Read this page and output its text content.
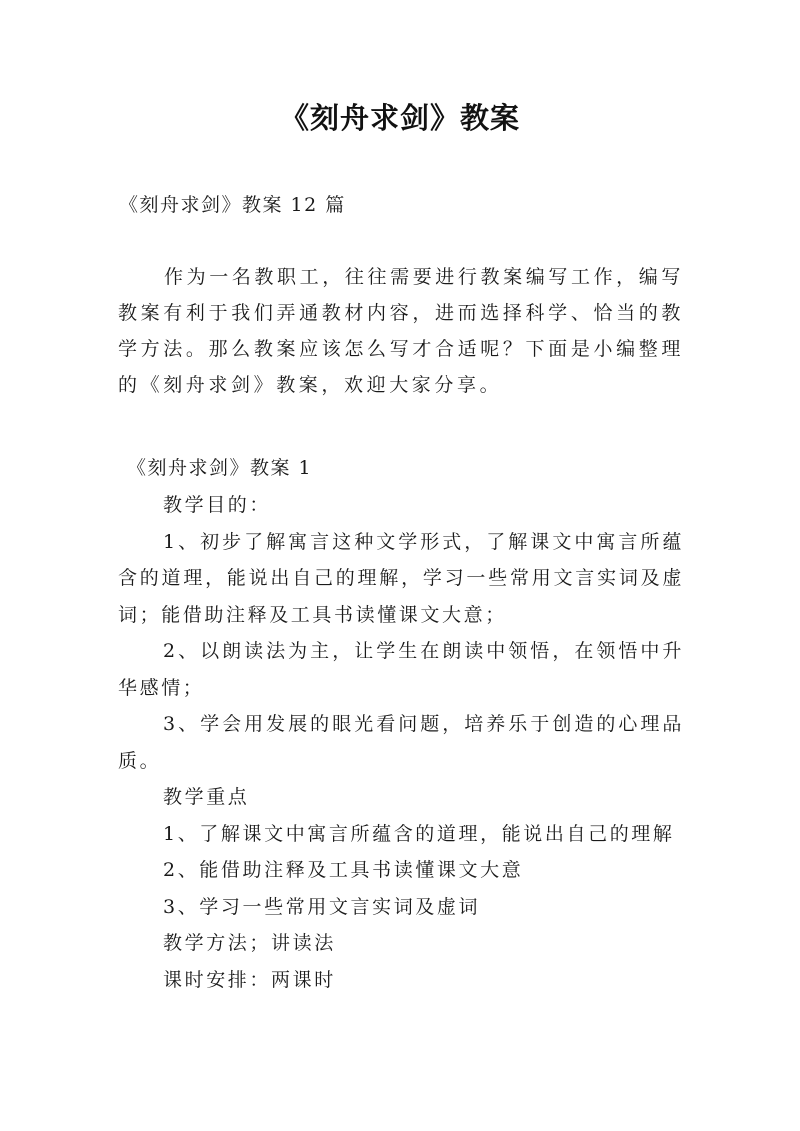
《刻舟求剑》教案
《刻舟求剑》教案 12 篇

作为一名教职工，往往需要进行教案编写工作，编写教案有利于我们弄通教材内容，进而选择科学、恰当的教学方法。那么教案应该怎么写才合适呢？下面是小编整理的《刻舟求剑》教案，欢迎大家分享。

《刻舟求剑》教案 1

教学目的：

1、初步了解寓言这种文学形式，了解课文中寓言所蕴含的道理，能说出自己的理解，学习一些常用文言实词及虚词；能借助注释及工具书读懂课文大意；

2、以朗读法为主，让学生在朗读中领悟，在领悟中升华感情；

3、学会用发展的眼光看问题，培养乐于创造的心理品质。

教学重点

1、了解课文中寓言所蕴含的道理，能说出自己的理解

2、能借助注释及工具书读懂课文大意

3、学习一些常用文言实词及虚词

教学方法；讲读法

课时安排：两课时
